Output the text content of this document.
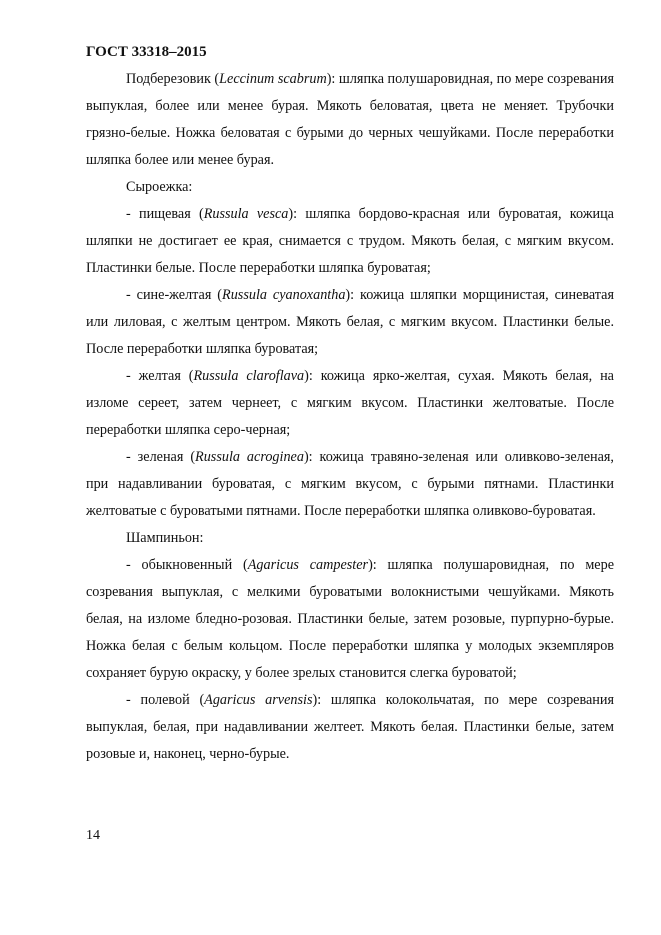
ГОСТ 33318–2015

Подберезовик (Leccinum scabrum): шляпка полушаровидная, по мере созревания выпуклая, более или менее бурая. Мякоть беловатая, цвета не меняет. Трубочки грязно-белые. Ножка беловатая с бурыми до черных чешуйками. После переработки шляпка более или менее бурая.

Сыроежка:

- пищевая (Russula vesca): шляпка бордово-красная или буроватая, кожица шляпки не достигает ее края, снимается с трудом. Мякоть белая, с мягким вкусом. Пластинки белые. После переработки шляпка буроватая;

- сине-желтая (Russula cyanoxantha): кожица шляпки морщинистая, синеватая или лиловая, с желтым центром. Мякоть белая, с мягким вкусом. Пластинки белые. После переработки шляпка буроватая;

- желтая (Russula claroflava): кожица ярко-желтая, сухая. Мякоть белая, на изломе сереет, затем чернеет, с мягким вкусом. Пластинки желтоватые. После переработки шляпка серо-черная;

- зеленая (Russula acroginea): кожица травяно-зеленая или оливково-зеленая, при надавливании буроватая, с мягким вкусом, с бурыми пятнами. Пластинки желтоватые с буроватыми пятнами. После переработки шляпка оливково-буроватая.

Шампиньон:

- обыкновенный (Agaricus campester): шляпка полушаровидная, по мере созревания выпуклая, с мелкими буроватыми волокнистыми чешуйками. Мякоть белая, на изломе бледно-розовая. Пластинки белые, затем розовые, пурпурно-бурые. Ножка белая с белым кольцом. После переработки шляпка у молодых экземпляров сохраняет бурую окраску, у более зрелых становится слегка буроватой;

- полевой (Agaricus arvensis): шляпка колокольчатая, по мере созревания выпуклая, белая, при надавливании желтеет. Мякоть белая. Пластинки белые, затем розовые и, наконец, черно-бурые.

14
